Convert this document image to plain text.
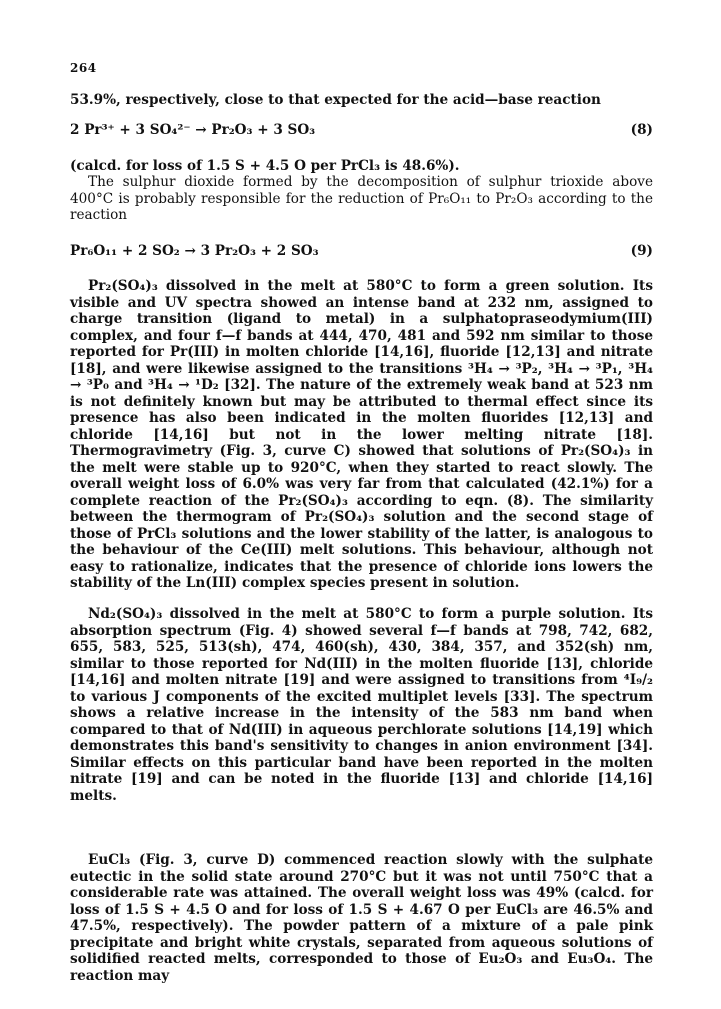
264
53.9%, respectively, close to that expected for the acid—base reaction
2 Pr³⁺ + 3 SO₄²⁻ → Pr₂O₃ + 3 SO₃	(8)
(calcd. for loss of 1.5 S + 4.5 O per PrCl₃ is 48.6%).

The sulphur dioxide formed by the decomposition of sulphur trioxide above 400°C is probably responsible for the reduction of Pr₆O₁₁ to Pr₂O₃ according to the reaction

Pr₆O₁₁ + 2 SO₂ → 3 Pr₂O₃ + 2 SO₃	(9)

Pr₂(SO₄)₃ dissolved in the melt at 580°C to form a green solution. Its visible and UV spectra showed an intense band at 232 nm, assigned to charge transition (ligand to metal) in a sulphatopraseodymium(III) complex, and four f—f bands at 444, 470, 481 and 592 nm similar to those reported for Pr(III) in molten chloride [14,16], fluoride [12,13] and nitrate [18], and were likewise assigned to the transitions ³H₄ → ³P₂, ³H₄ → ³P₁, ³H₄ → ³P₀ and ³H₄ → ¹D₂ [32]. The nature of the extremely weak band at 523 nm is not definitely known but may be attributed to thermal effect since its presence has also been indicated in the molten fluorides [12,13] and chloride [14,16] but not in the lower melting nitrate [18]. Thermogravimetry (Fig. 3, curve C) showed that solutions of Pr₂(SO₄)₃ in the melt were stable up to 920°C, when they started to react slowly. The overall weight loss of 6.0% was very far from that calculated (42.1%) for a complete reaction of the Pr₂(SO₄)₃ according to eqn. (8). The similarity between the thermogram of Pr₂(SO₄)₃ solution and the second stage of those of PrCl₃ solutions and the lower stability of the latter, is analogous to the behaviour of the Ce(III) melt solutions. This behaviour, although not easy to rationalize, indicates that the presence of chloride ions lowers the stability of the Ln(III) complex species present in solution.

Nd₂(SO₄)₃ dissolved in the melt at 580°C to form a purple solution. Its absorption spectrum (Fig. 4) showed several f—f bands at 798, 742, 682, 655, 583, 525, 513(sh), 474, 460(sh), 430, 384, 357, and 352(sh) nm, similar to those reported for Nd(III) in the molten fluoride [13], chloride [14,16] and molten nitrate [19] and were assigned to transitions from ⁴I₉/₂ to various J components of the excited multiplet levels [33]. The spectrum shows a relative increase in the intensity of the 583 nm band when compared to that of Nd(III) in aqueous perchlorate solutions [14,19] which demonstrates this band's sensitivity to changes in anion environment [34]. Similar effects on this particular band have been reported in the molten nitrate [19] and can be noted in the fluoride [13] and chloride [14,16] melts.

EuCl₃ (Fig. 3, curve D) commenced reaction slowly with the sulphate eutectic in the solid state around 270°C but it was not until 750°C that a considerable rate was attained. The overall weight loss was 49% (calcd. for loss of 1.5 S + 4.5 O and for loss of 1.5 S + 4.67 O per EuCl₃ are 46.5% and 47.5%, respectively). The powder pattern of a mixture of a pale pink precipitate and bright white crystals, separated from aqueous solutions of solidified reacted melts, corresponded to those of Eu₂O₃ and Eu₃O₄. The reaction may
